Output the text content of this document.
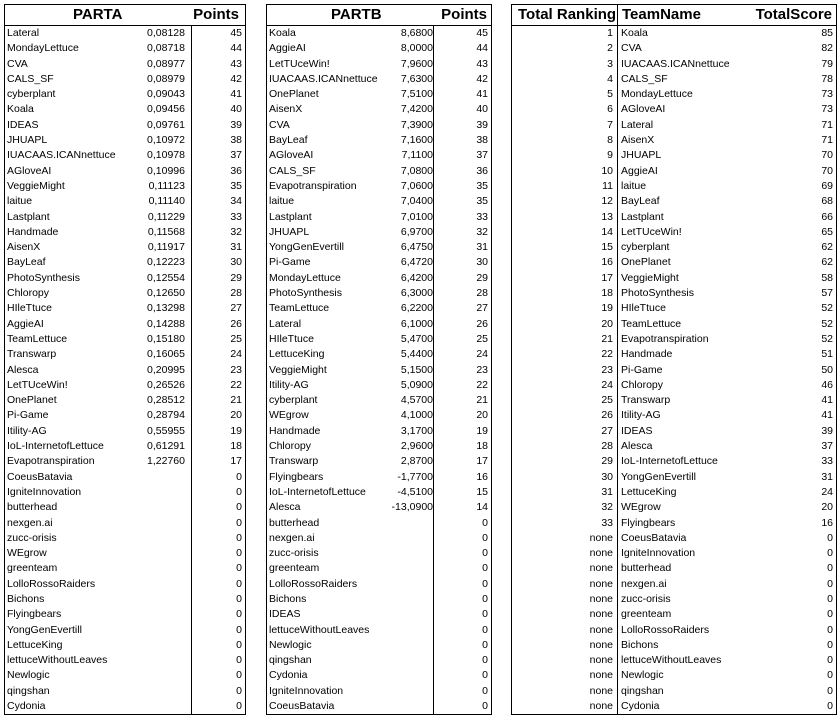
PARTA	Points
Lateral	0,08128	45
MondayLettuce	0,08718	44
CVA	0,08977	43
CALS_SF	0,08979	42
cyberplant	0,09043	41
Koala	0,09456	40
IDEAS	0,09761	39
JHUAPL	0,10972	38
IUACAAS.ICANnettuce	0,10978	37
AGloveAI	0,10996	36
VeggieMight	0,11123	35
laitue	0,11140	34
Lastplant	0,11229	33
Handmade	0,11568	32
AisenX	0,11917	31
BayLeaf	0,12223	30
PhotoSynthesis	0,12554	29
Chloropy	0,12650	28
HIleTtuce	0,13298	27
AggieAI	0,14288	26
TeamLettuce	0,15180	25
Transwarp	0,16065	24
Alesca	0,20995	23
LetTUceWin!	0,26526	22
OnePlanet	0,28512	21
Pi-Game	0,28794	20
Itility-AG	0,55955	19
IoL-InternetofLettuce	0,61291	18
Evapotranspiration	1,22760	17
CoeusBatavia	0
IgniteInnovation	0
butterhead	0
nexgen.ai	0
zucc-orisis	0
WEgrow	0
greenteam	0
LolloRossoRaiders	0
Bichons	0
Flyingbears	0
YongGenEvertill	0
LettuceKing	0
lettuceWithoutLeaves	0
Newlogic	0
qingshan	0
Cydonia	0
PARTB	Points
Koala	8,6800	45
AggieAI	8,0000	44
LetTUceWin!	7,9600	43
IUACAAS.ICANnettuce 7,6300	42
OnePlanet	7,5100	41
AisenX	7,4200	40
CVA	7,3900	39
BayLeaf	7,1600	38
AGloveAI	7,1100	37
CALS_SF	7,0800	36
Evapotranspiration	7,0600	35
laitue	7,0400	35
Lastplant	7,0100	33
JHUAPL	6,9700	32
YongGenEvertill	6,4750	31
Pi-Game	6,4720	30
MondayLettuce	6,4200	29
PhotoSynthesis	6,3000	28
TeamLettuce	6,2200	27
Lateral	6,1000	26
HIleTtuce	5,4700	25
LettuceKing	5,4400	24
VeggieMight	5,1500	23
Itility-AG	5,0900	22
cyberplant	4,5700	21
WEgrow	4,1000	20
Handmade	3,1700	19
Chloropy	2,9600	18
Transwarp	2,8700	17
Flyingbears	-1,7700	16
IoL-InternetofLettuce	-4,5100	15
Alesca	-13,0900	14
butterhead	0
nexgen.ai	0
zucc-orisis	0
greenteam	0
LolloRossoRaiders	0
Bichons	0
IDEAS	0
lettuceWithoutLeaves	0
Newlogic	0
qingshan	0
Cydonia	0
IgniteInnovation	0
CoeusBatavia	0
Total Ranking TeamName	TotalScore
1 Koala	85
2 CVA	82
3 IUACAAS.ICANnettuce	79
4 CALS_SF	78
5 MondayLettuce	73
6 AGloveAI	73
7 Lateral	71
8 AisenX	71
9 JHUAPL	70
10 AggieAI	70
11 laitue	69
12 BayLeaf	68
13 Lastplant	66
14 LetTUceWin!	65
15 cyberplant	62
16 OnePlanet	62
17 VeggieMight	58
18 PhotoSynthesis	57
19 HIleTtuce	52
20 TeamLettuce	52
21 Evapotranspiration	52
22 Handmade	51
23 Pi-Game	50
24 Chloropy	46
25 Transwarp	41
26 Itility-AG	41
27 IDEAS	39
28 Alesca	37
29 IoL-InternetofLettuce	33
30 YongGenEvertill	31
31 LettuceKing	24
32 WEgrow	20
33 Flyingbears	16
none CoeusBatavia	0
none IgniteInnovation	0
none butterhead	0
none nexgen.ai	0
none zucc-orisis	0
none greenteam	0
none LolloRossoRaiders	0
none Bichons	0
none lettuceWithoutLeaves	0
none Newlogic	0
none qingshan	0
none Cydonia	0
